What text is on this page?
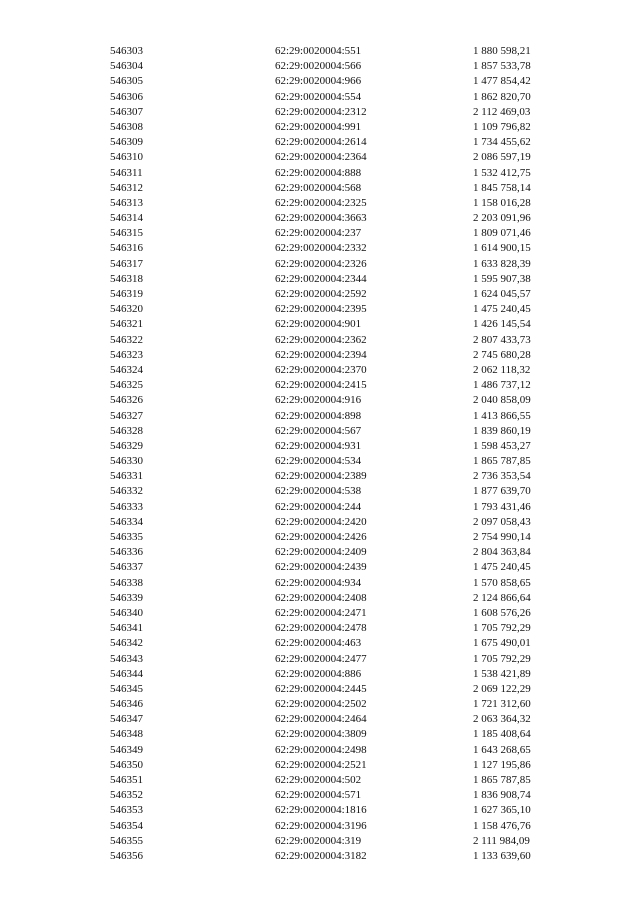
546303	62:29:0020004:551	1 880 598,21
546304	62:29:0020004:566	1 857 533,78
546305	62:29:0020004:966	1 477 854,42
546306	62:29:0020004:554	1 862 820,70
546307	62:29:0020004:2312	2 112 469,03
546308	62:29:0020004:991	1 109 796,82
546309	62:29:0020004:2614	1 734 455,62
546310	62:29:0020004:2364	2 086 597,19
546311	62:29:0020004:888	1 532 412,75
546312	62:29:0020004:568	1 845 758,14
546313	62:29:0020004:2325	1 158 016,28
546314	62:29:0020004:3663	2 203 091,96
546315	62:29:0020004:237	1 809 071,46
546316	62:29:0020004:2332	1 614 900,15
546317	62:29:0020004:2326	1 633 828,39
546318	62:29:0020004:2344	1 595 907,38
546319	62:29:0020004:2592	1 624 045,57
546320	62:29:0020004:2395	1 475 240,45
546321	62:29:0020004:901	1 426 145,54
546322	62:29:0020004:2362	2 807 433,73
546323	62:29:0020004:2394	2 745 680,28
546324	62:29:0020004:2370	2 062 118,32
546325	62:29:0020004:2415	1 486 737,12
546326	62:29:0020004:916	2 040 858,09
546327	62:29:0020004:898	1 413 866,55
546328	62:29:0020004:567	1 839 860,19
546329	62:29:0020004:931	1 598 453,27
546330	62:29:0020004:534	1 865 787,85
546331	62:29:0020004:2389	2 736 353,54
546332	62:29:0020004:538	1 877 639,70
546333	62:29:0020004:244	1 793 431,46
546334	62:29:0020004:2420	2 097 058,43
546335	62:29:0020004:2426	2 754 990,14
546336	62:29:0020004:2409	2 804 363,84
546337	62:29:0020004:2439	1 475 240,45
546338	62:29:0020004:934	1 570 858,65
546339	62:29:0020004:2408	2 124 866,64
546340	62:29:0020004:2471	1 608 576,26
546341	62:29:0020004:2478	1 705 792,29
546342	62:29:0020004:463	1 675 490,01
546343	62:29:0020004:2477	1 705 792,29
546344	62:29:0020004:886	1 538 421,89
546345	62:29:0020004:2445	2 069 122,29
546346	62:29:0020004:2502	1 721 312,60
546347	62:29:0020004:2464	2 063 364,32
546348	62:29:0020004:3809	1 185 408,64
546349	62:29:0020004:2498	1 643 268,65
546350	62:29:0020004:2521	1 127 195,86
546351	62:29:0020004:502	1 865 787,85
546352	62:29:0020004:571	1 836 908,74
546353	62:29:0020004:1816	1 627 365,10
546354	62:29:0020004:3196	1 158 476,76
546355	62:29:0020004:319	2 111 984,09
546356	62:29:0020004:3182	1 133 639,60
